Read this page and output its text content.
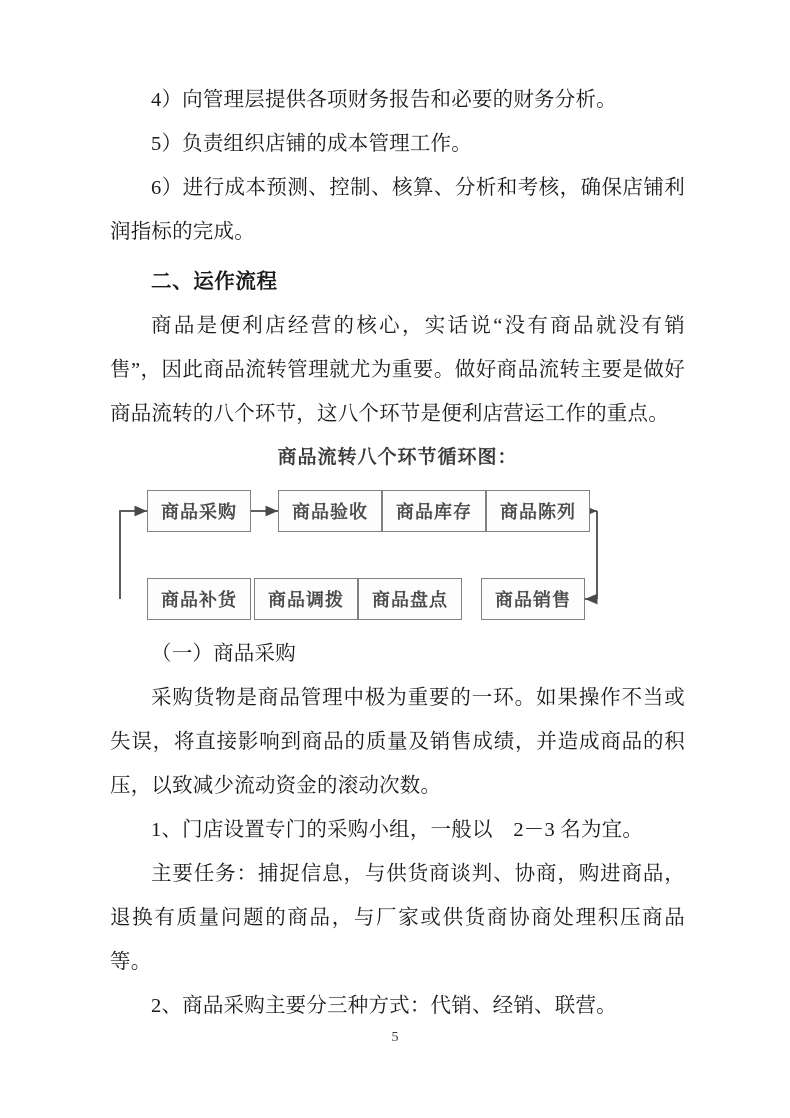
4）向管理层提供各项财务报告和必要的财务分析。

5）负责组织店铺的成本管理工作。

6）进行成本预测、控制、核算、分析和考核，确保店铺利润指标的完成。

二、运作流程

商品是便利店经营的核心，实话说“没有商品就没有销售”，因此商品流转管理就尤为重要。做好商品流转主要是做好商品流转的八个环节，这八个环节是便利店营运工作的重点。

商品流转八个环节循环图：
商品采购	商品验收	商品库存	商品陈列
商品补货	商品调拨	商品盘点	商品销售

（一）商品采购

采购货物是商品管理中极为重要的一环。如果操作不当或失误，将直接影响到商品的质量及销售成绩，并造成商品的积压，以致减少流动资金的滚动次数。

1、门店设置专门的采购小组，一般以　2－3 名为宜。

主要任务：捕捉信息，与供货商谈判、协商，购进商品，退换有质量问题的商品，与厂家或供货商协商处理积压商品等。

2、商品采购主要分三种方式：代销、经销、联营。

5
